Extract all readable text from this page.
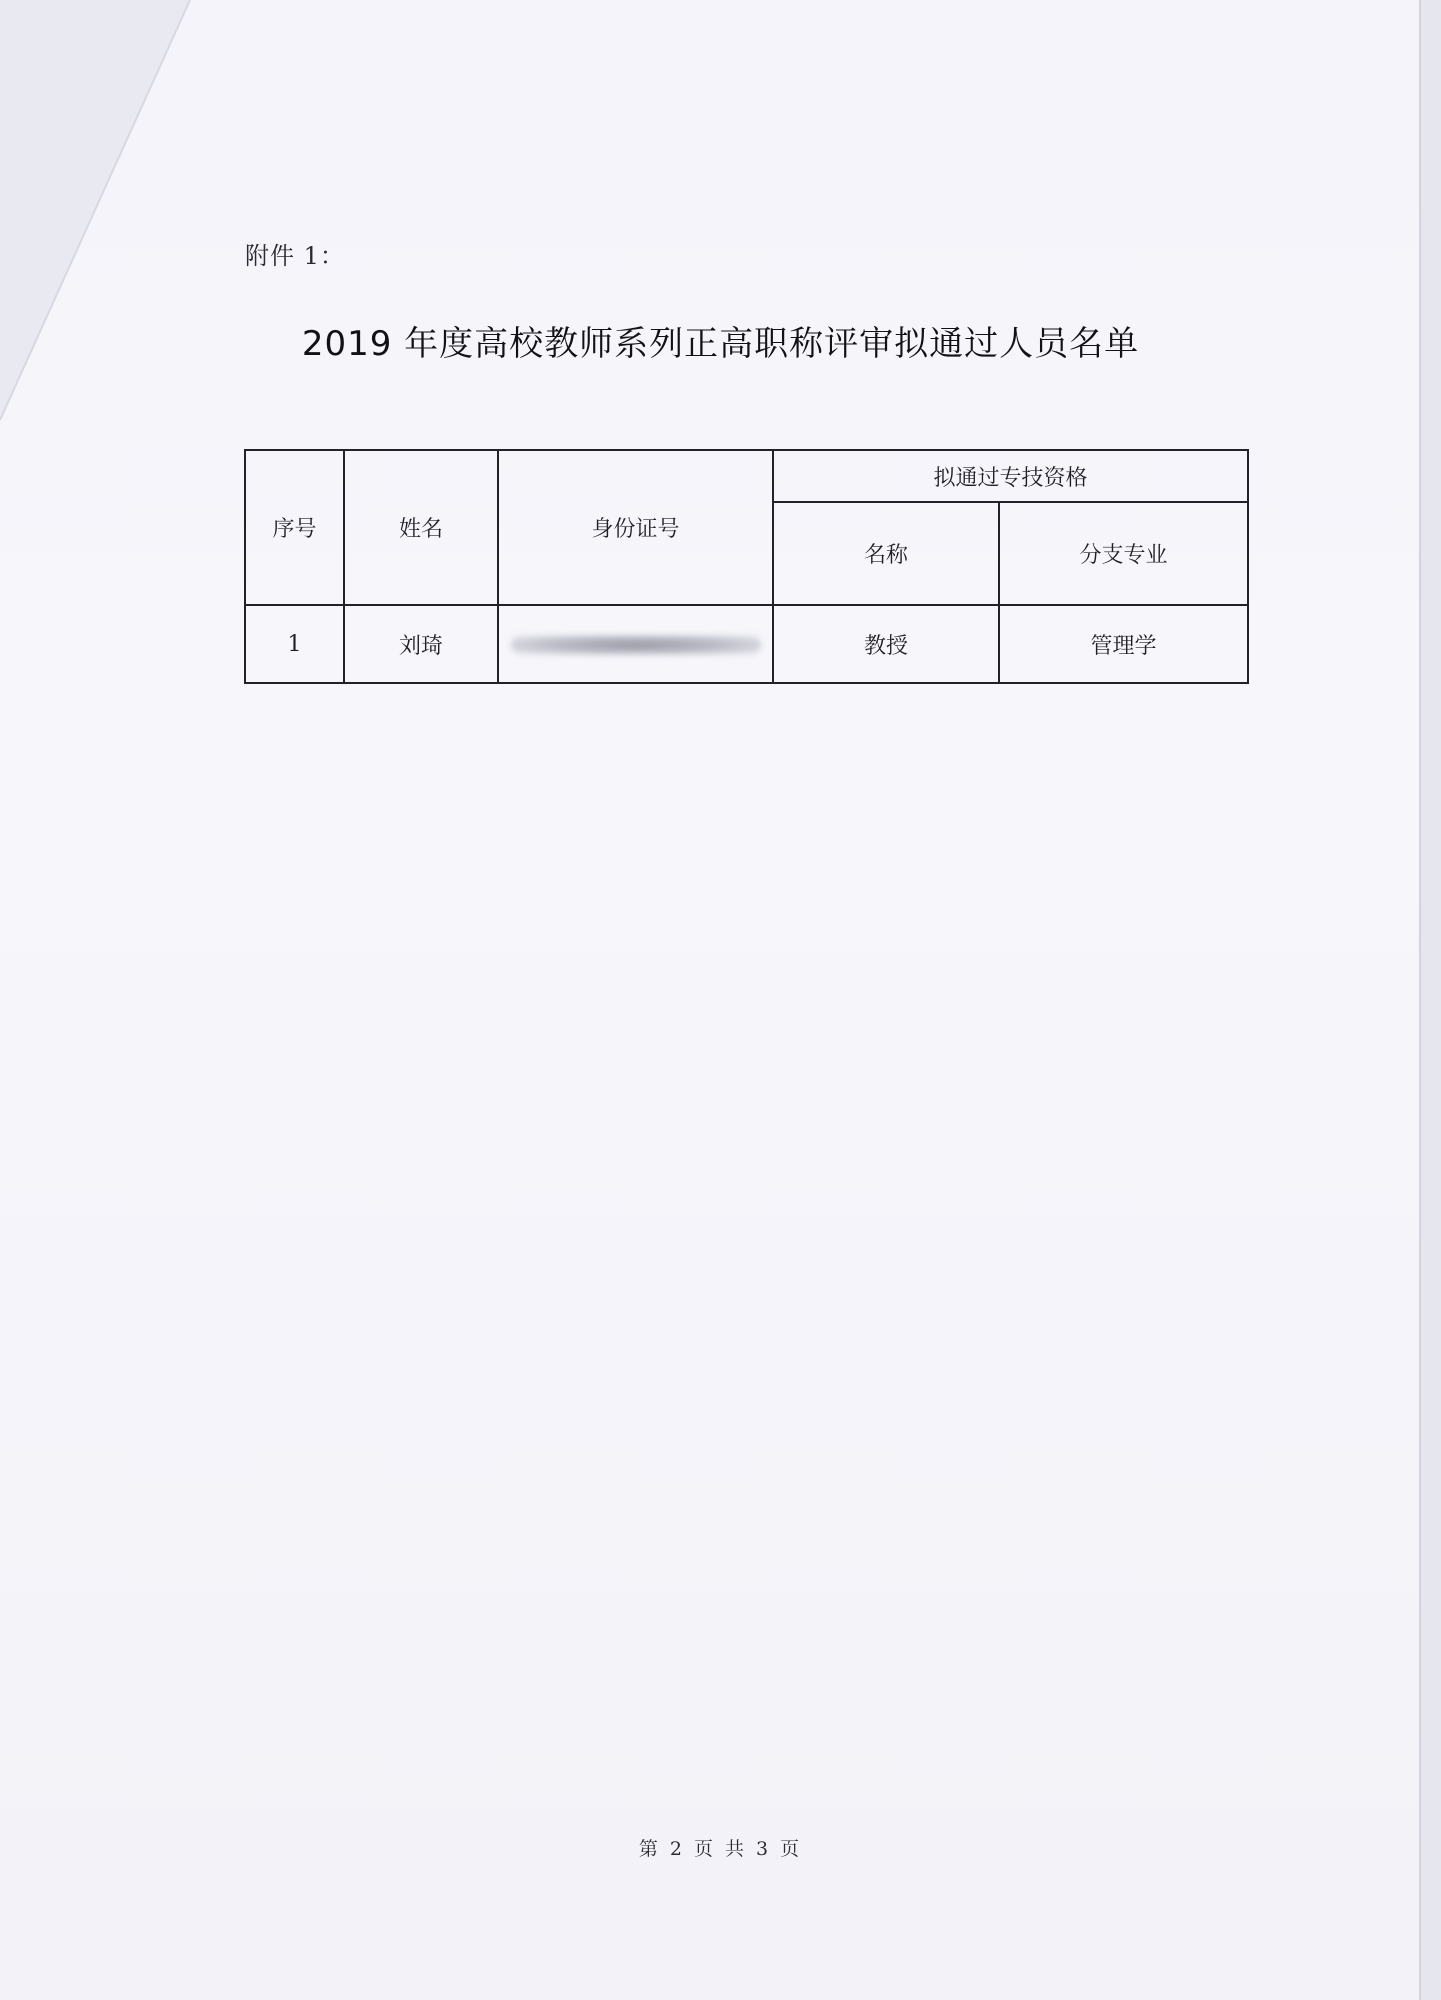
附件 1：
2019 年度高校教师系列正高职称评审拟通过人员名单
序号	姓名	身份证号	拟通过专技资格	
			名称	分支专业
1	刘琦		教授	管理学
第 2 页 共 3 页
